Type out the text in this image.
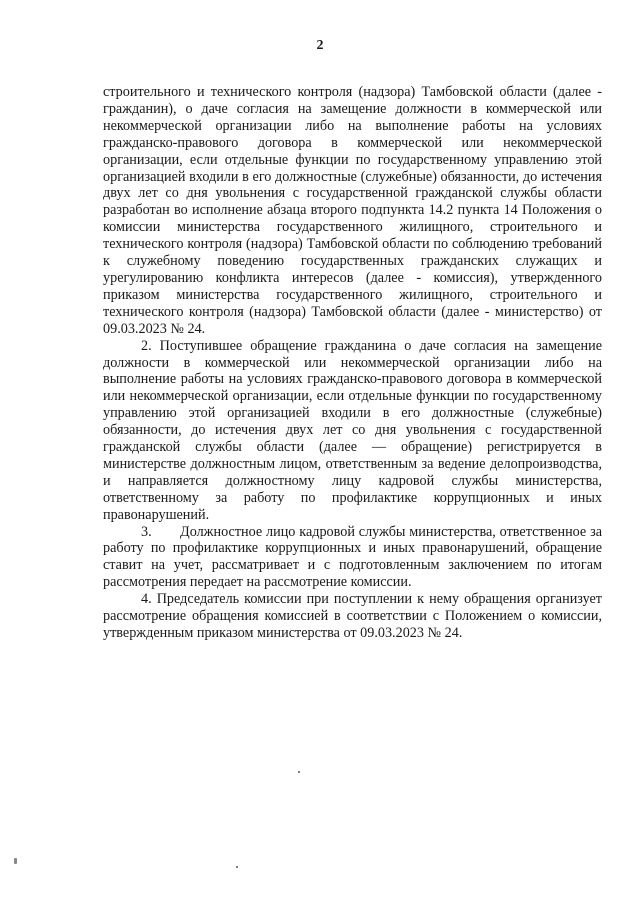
2

строительного и технического контроля (надзора) Тамбовской области (далее - гражданин), о даче согласия на замещение должности в коммерческой или некоммерческой организации либо на выполнение работы на условиях гражданско-правового договора в коммерческой или некоммерческой организации, если отдельные функции по государственному управлению этой организацией входили в его должностные (служебные) обязанности, до истечения двух лет со дня увольнения с государственной гражданской службы области разработан во исполнение абзаца второго подпункта 14.2 пункта 14 Положения о комиссии министерства государственного жилищного, строительного и технического контроля (надзора) Тамбовской области по соблюдению требований к служебному поведению государственных гражданских служащих и урегулированию конфликта интересов (далее - комиссия), утвержденного приказом министерства государственного жилищного, строительного и технического контроля (надзора) Тамбовской области (далее - министерство) от 09.03.2023 № 24.

2. Поступившее обращение гражданина о даче согласия на замещение должности в коммерческой или некоммерческой организации либо на выполнение работы на условиях гражданско-правового договора в коммерческой или некоммерческой организации, если отдельные функции по государственному управлению этой организацией входили в его должностные (служебные) обязанности, до истечения двух лет со дня увольнения с государственной гражданской службы области (далее — обращение) регистрируется в министерстве должностным лицом, ответственным за ведение делопроизводства, и направляется должностному лицу кадровой службы министерства, ответственному за работу по профилактике коррупционных и иных правонарушений.

3.  Должностное лицо кадровой службы министерства, ответственное за работу по профилактике коррупционных и иных правонарушений, обращение ставит на учет, рассматривает и с подготовленным заключением по итогам рассмотрения передает на рассмотрение комиссии.

4. Председатель комиссии при поступлении к нему обращения организует рассмотрение обращения комиссией в соответствии с Положением о комиссии, утвержденным приказом министерства от 09.03.2023 № 24.
